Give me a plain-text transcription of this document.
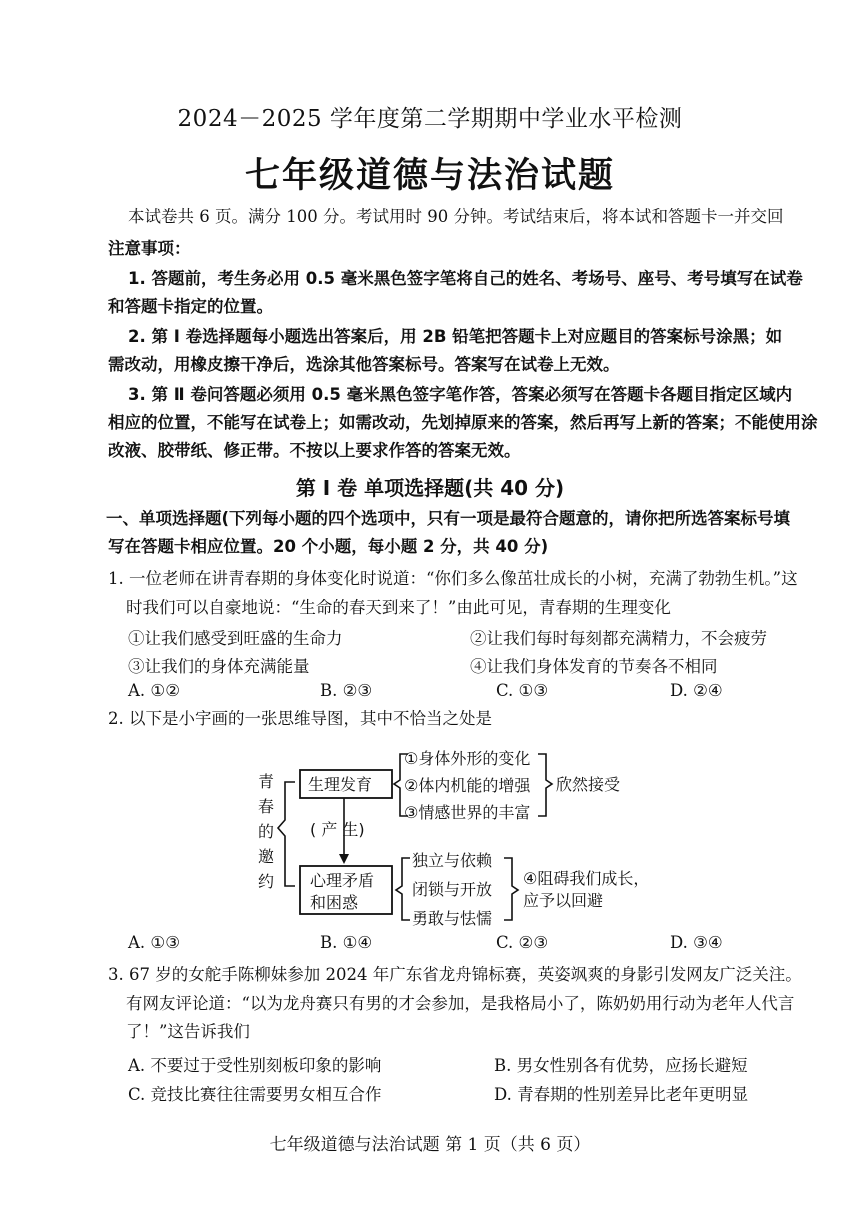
2024－2025 学年度第二学期期中学业水平检测
七年级道德与法治试题
本试卷共 6 页。满分 100 分。考试用时 90 分钟。考试结束后，将本试和答题卡一并交回
注意事项：
1. 答题前，考生务必用 0.5 毫米黑色签字笔将自己的姓名、考场号、座号、考号填写在试卷
和答题卡指定的位置。
2. 第 Ⅰ 卷选择题每小题选出答案后，用 2B 铅笔把答题卡上对应题目的答案标号涂黑；如
需改动，用橡皮擦干净后，选涂其他答案标号。答案写在试卷上无效。
3. 第 Ⅱ 卷问答题必须用 0.5 毫米黑色签字笔作答，答案必须写在答题卡各题目指定区域内
相应的位置，不能写在试卷上；如需改动，先划掉原来的答案，然后再写上新的答案；不能使用涂
改液、胶带纸、修正带。不按以上要求作答的答案无效。
第 Ⅰ 卷 单项选择题(共 40 分)
一、单项选择题(下列每小题的四个选项中，只有一项是最符合题意的，请你把所选答案标号填
写在答题卡相应位置。20 个小题，每小题 2 分，共 40 分)
1. 一位老师在讲青春期的身体变化时说道：“你们多么像茁壮成长的小树，充满了勃勃生机。”这
时我们可以自豪地说：“生命的春天到来了！”由此可见，青春期的生理变化
①让我们感受到旺盛的生命力	②让我们每时每刻都充满精力，不会疲劳
③让我们的身体充满能量	④让我们身体发育的节奏各不相同
A. ①②	B. ②③	C. ①③	D. ②④
2. 以下是小宇画的一张思维导图，其中不恰当之处是
青
春
的
邀
约
生理发育
( 产 生)
心理矛盾
和困惑
①身体外形的变化
②体内机能的增强
③情感世界的丰富
欣然接受
独立与依赖
闭锁与开放
勇敢与怯懦
④阻碍我们成长，
应予以回避
A. ①③	B. ①④	C. ②③	D. ③④
3. 67 岁的女舵手陈柳妹参加 2024 年广东省龙舟锦标赛，英姿飒爽的身影引发网友广泛关注。
有网友评论道：“以为龙舟赛只有男的才会参加，是我格局小了，陈奶奶用行动为老年人代言
了！”这告诉我们
A. 不要过于受性别刻板印象的影响	B. 男女性别各有优势，应扬长避短
C. 竞技比赛往往需要男女相互合作	D. 青春期的性别差异比老年更明显
七年级道德与法治试题 第 1 页（共 6 页）
